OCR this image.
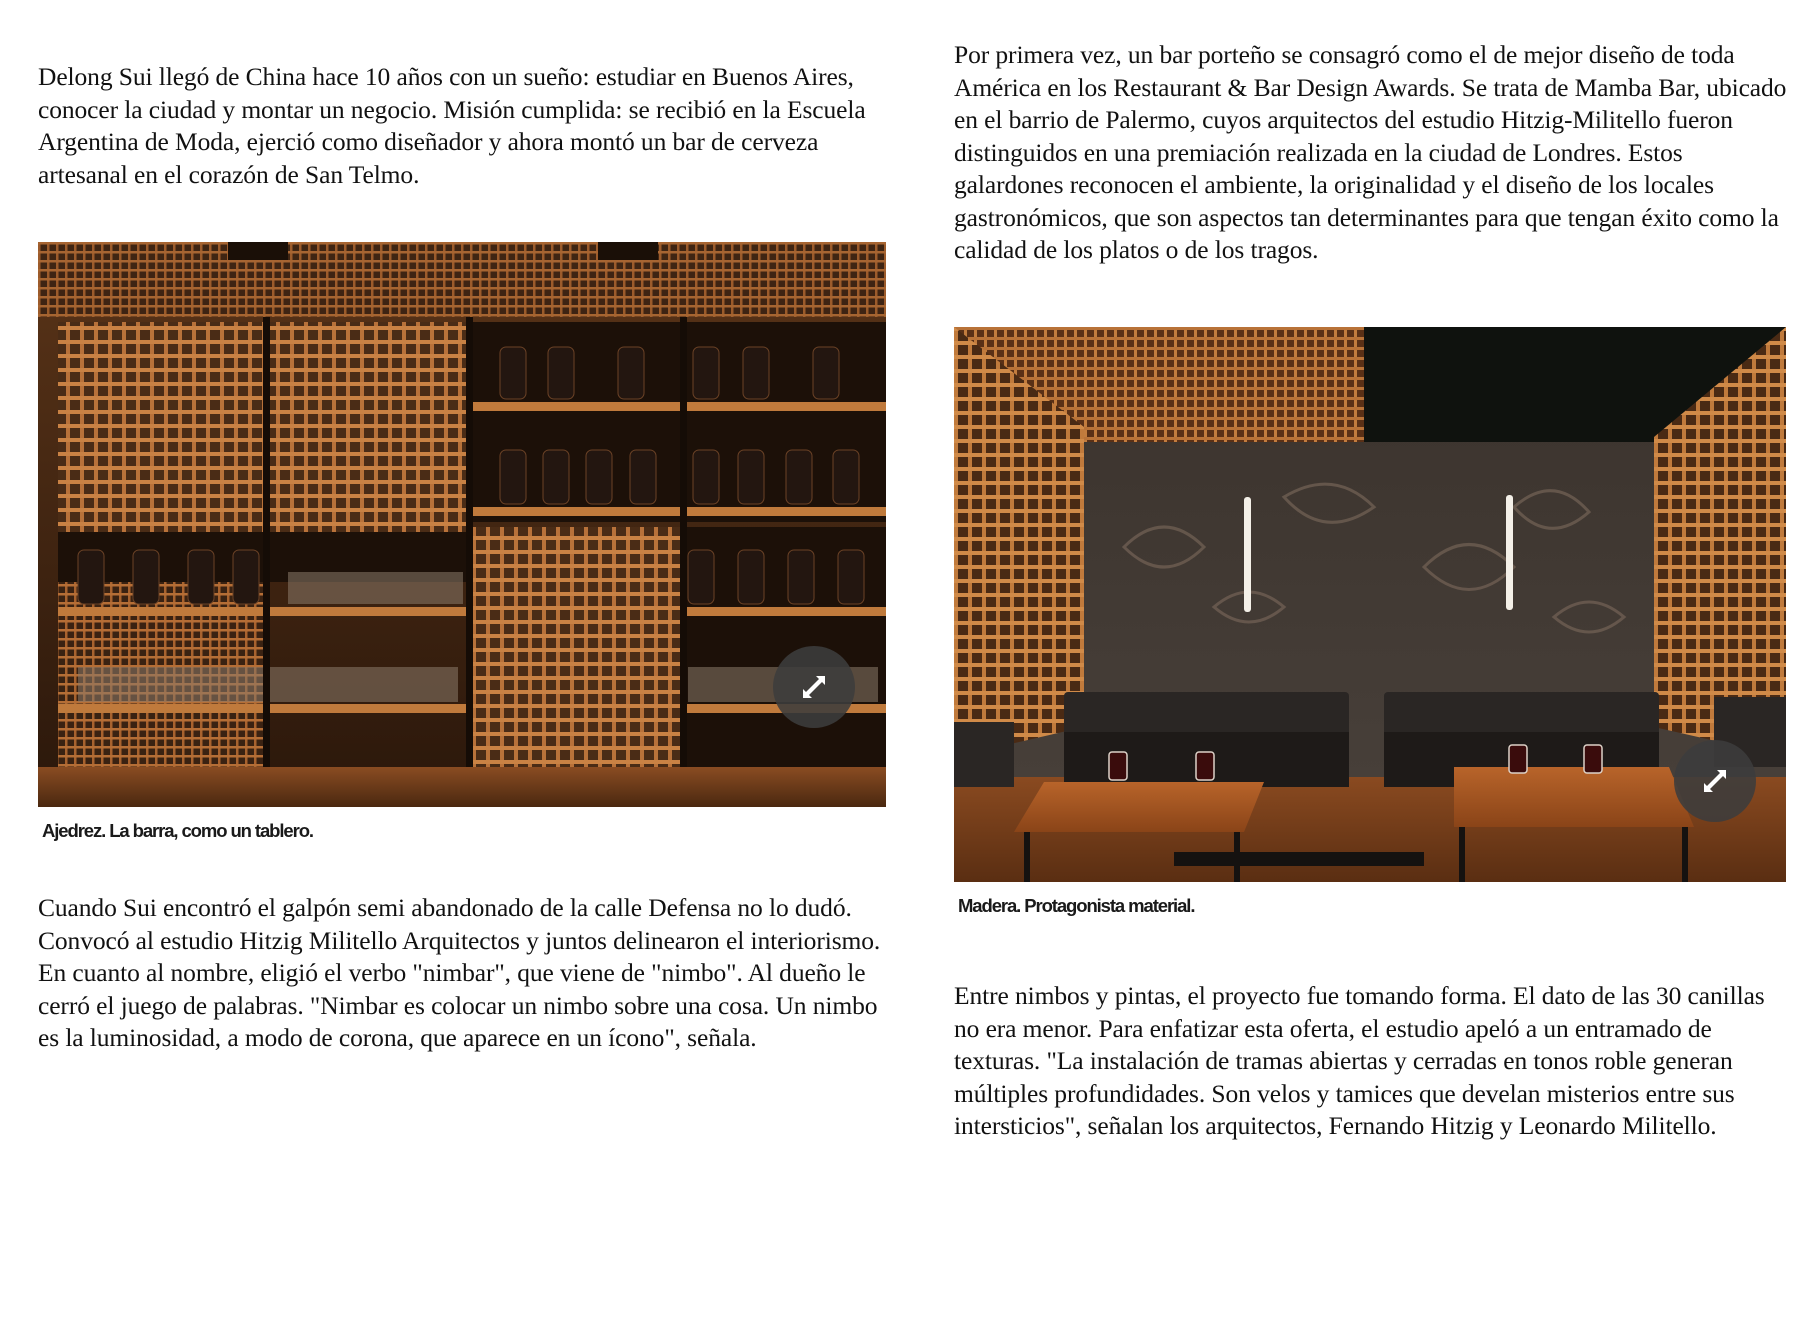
Delong Sui llegó de China hace 10 años con un sueño: estudiar en Buenos Aires, conocer la ciudad y montar un negocio. Misión cumplida: se recibió en la Escuela Argentina de Moda, ejerció como diseñador y ahora montó un bar de cerveza artesanal en el corazón de San Telmo.

Ajedrez. La barra, como un tablero.

Cuando Sui encontró el galpón semi abandonado de la calle Defensa no lo dudó. Convocó al estudio Hitzig Militello Arquitectos y juntos delinearon el interiorismo. En cuanto al nombre, eligió el verbo "nimbar", que viene de "nimbo". Al dueño le cerró el juego de palabras. "Nimbar es colocar un nimbo sobre una cosa. Un nimbo es la luminosidad, a modo de corona, que aparece en un ícono", señala.

Por primera vez, un bar porteño se consagró como el de mejor diseño de toda América en los Restaurant & Bar Design Awards. Se trata de Mamba Bar, ubicado en el barrio de Palermo, cuyos arquitectos del estudio Hitzig-Militello fueron distinguidos en una premiación realizada en la ciudad de Londres. Estos galardones reconocen el ambiente, la originalidad y el diseño de los locales gastronómicos, que son aspectos tan determinantes para que tengan éxito como la calidad de los platos o de los tragos.

Madera. Protagonista material.

Entre nimbos y pintas, el proyecto fue tomando forma. El dato de las 30 canillas no era menor. Para enfatizar esta oferta, el estudio apeló a un entramado de texturas. "La instalación de tramas abiertas y cerradas en tonos roble generan múltiples profundidades. Son velos y tamices que develan misterios entre sus intersticios", señalan los arquitectos, Fernando Hitzig y Leonardo Militello.
